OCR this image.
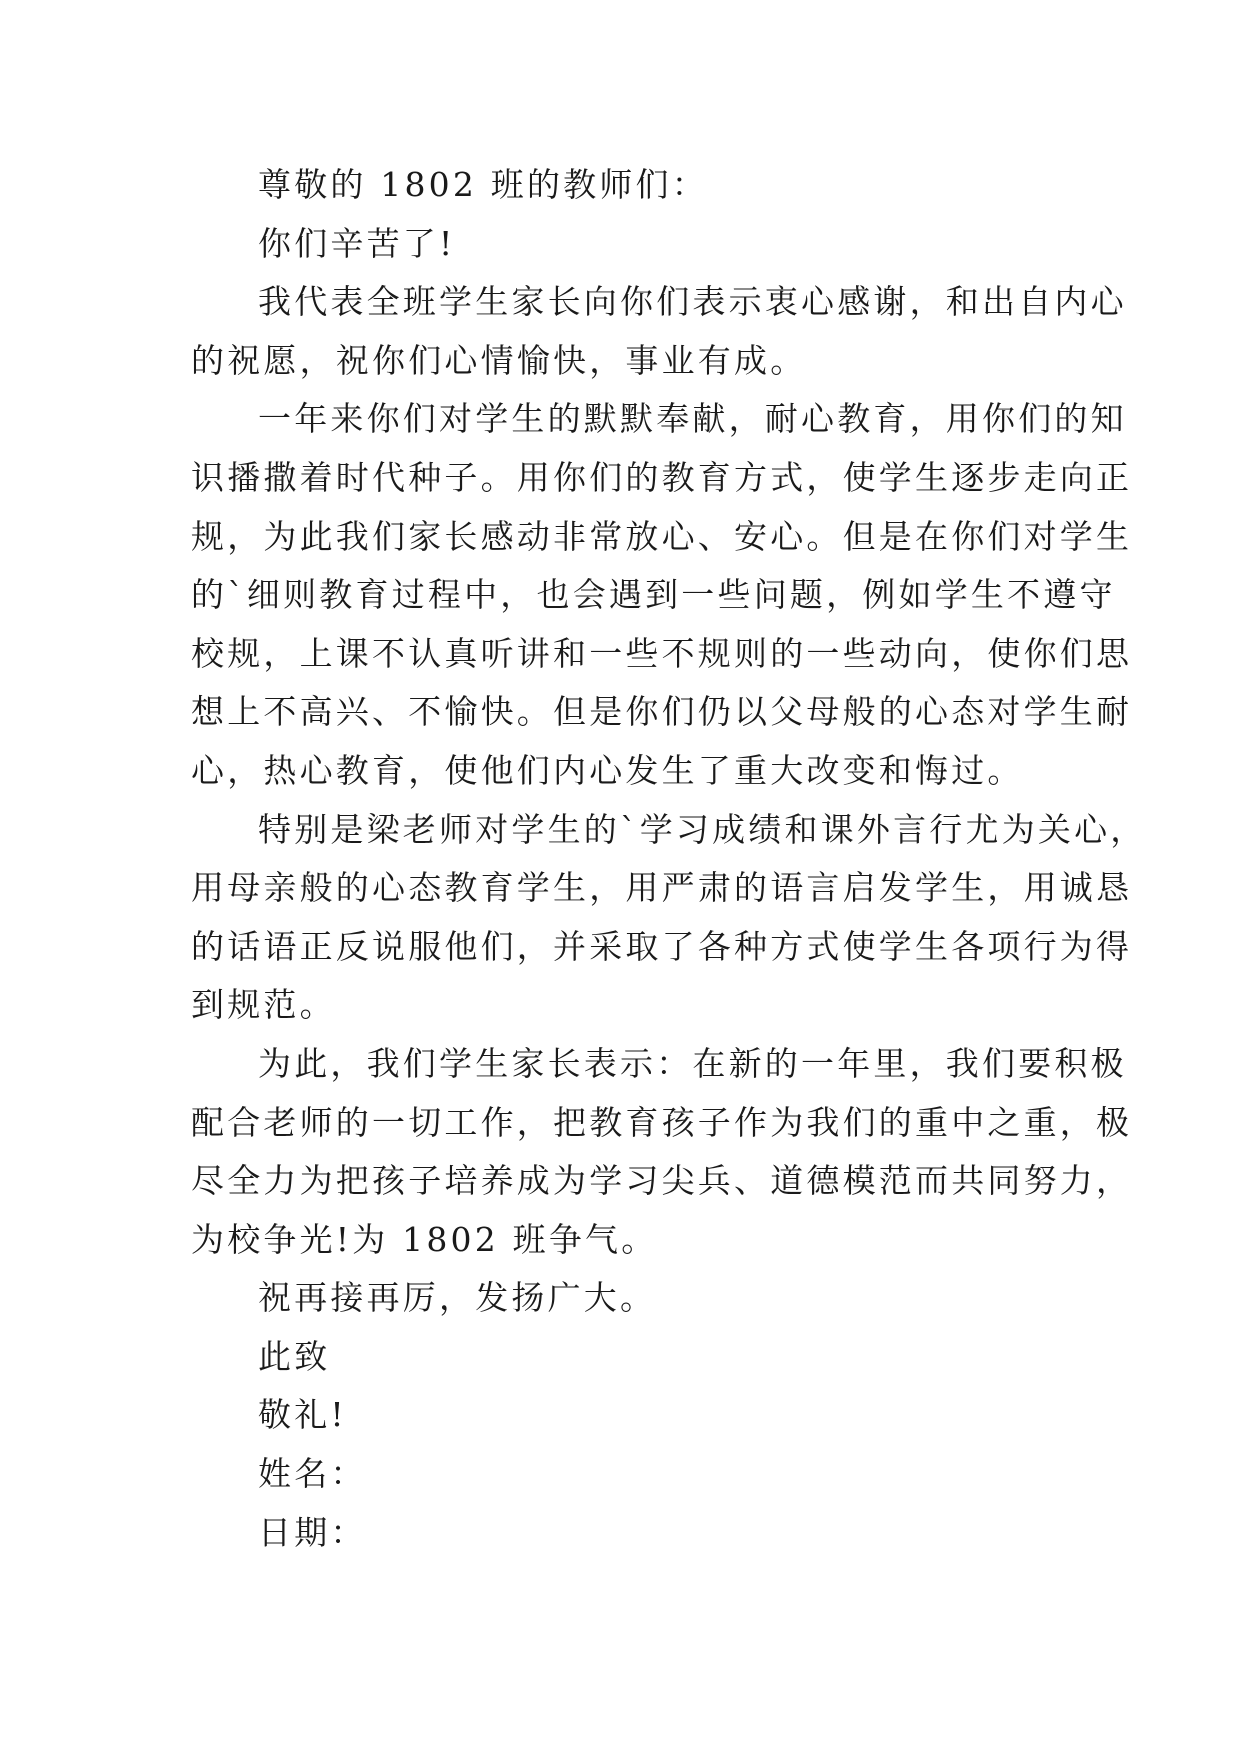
尊敬的 1802 班的教师们：
你们辛苦了!
我代表全班学生家长向你们表示衷心感谢，和出自内心
的祝愿，祝你们心情愉快，事业有成。
一年来你们对学生的默默奉献，耐心教育，用你们的知
识播撒着时代种子。用你们的教育方式，使学生逐步走向正
规，为此我们家长感动非常放心、安心。但是在你们对学生
的`细则教育过程中，也会遇到一些问题，例如学生不遵守
校规，上课不认真听讲和一些不规则的一些动向，使你们思
想上不高兴、不愉快。但是你们仍以父母般的心态对学生耐
心，热心教育，使他们内心发生了重大改变和悔过。
特别是梁老师对学生的`学习成绩和课外言行尤为关心，
用母亲般的心态教育学生，用严肃的语言启发学生，用诚恳
的话语正反说服他们，并采取了各种方式使学生各项行为得
到规范。
为此，我们学生家长表示：在新的一年里，我们要积极
配合老师的一切工作，把教育孩子作为我们的重中之重，极
尽全力为把孩子培养成为学习尖兵、道德模范而共同努力，
为校争光!为 1802 班争气。
祝再接再厉，发扬广大。
此致
敬礼!
姓名：
日期：
